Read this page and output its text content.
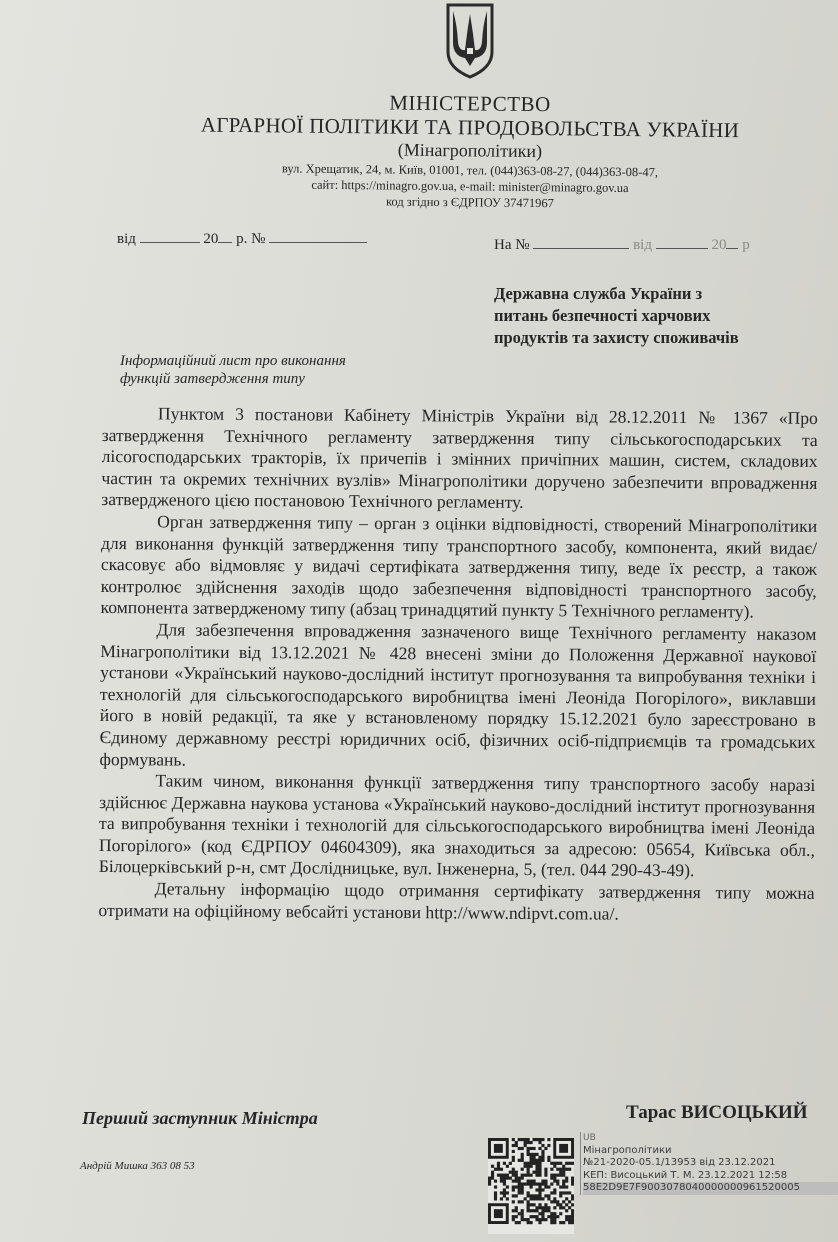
МІНІСТЕРСТВО
АГРАРНОЇ ПОЛІТИКИ ТА ПРОДОВОЛЬСТВА УКРАЇНИ
(Мінагрополітики)
вул. Хрещатик, 24, м. Київ, 01001, тел. (044)363-08-27, (044)363-08-47,
сайт: https://minagro.gov.ua, e-mail: minister@minagro.gov.ua
код згідно з ЄДРПОУ 37471967
від	20 р. №	На №	від	20 р
Державна служба України з
питань безпечності харчових
продуктів та захисту споживачів
Інформаційний лист про виконання
функцій затвердження типу

Пунктом 3 постанови Кабінету Міністрів України від 28.12.2011 № 1367 «Про затвердження Технічного регламенту затвердження типу сільськогосподарських та лісогосподарських тракторів, їх причепів і змінних причіпних машин, систем, складових частин та окремих технічних вузлів» Мінагрополітики доручено забезпечити впровадження затвердженого цією постановою Технічного регламенту.

Орган затвердження типу – орган з оцінки відповідності, створений Мінагрополітики для виконання функцій затвердження типу транспортного засобу, компонента, який видає/скасовує або відмовляє у видачі сертифіката затвердження типу, веде їх реєстр, а також контролює здійснення заходів щодо забезпечення відповідності транспортного засобу, компонента затвердженому типу (абзац тринадцятий пункту 5 Технічного регламенту).

Для забезпечення впровадження зазначеного вище Технічного регламенту наказом Мінагрополітики від 13.12.2021 № 428 внесені зміни до Положення Державної наукової установи «Український науково-дослідний інститут прогнозування та випробування техніки і технологій для сільськогосподарського виробництва імені Леоніда Погорілого», виклавши його в новій редакції, та яке у встановленому порядку 15.12.2021 було зареєстровано в Єдиному державному реєстрі юридичних осіб, фізичних осіб-підприємців та громадських формувань.

Таким чином, виконання функції затвердження типу транспортного засобу наразі здійснює Державна наукова установа «Український науково-дослідний інститут прогнозування та випробування техніки і технологій для сільськогосподарського виробництва імені Леоніда Погорілого» (код ЄДРПОУ 04604309), яка знаходиться за адресою: 05654, Київська обл., Білоцерківський р-н, смт Дослідницьке, вул. Інженерна, 5, (тел. 044 290-43-49).

Детальну інформацію щодо отримання сертифікату затвердження типу можна отримати на офіційному вебсайті установи http://www.ndipvt.com.ua/.

Перший заступник Міністра	Тарас ВИСОЦЬКИЙ
Андрій Мишка 363 08 53
UB
Мінагрополітики
№21-2020-05.1/13953 від 23.12.2021
КЕП: Висоцький Т. М. 23.12.2021 12:58
58E2D9E7F9003078040000000961520005
